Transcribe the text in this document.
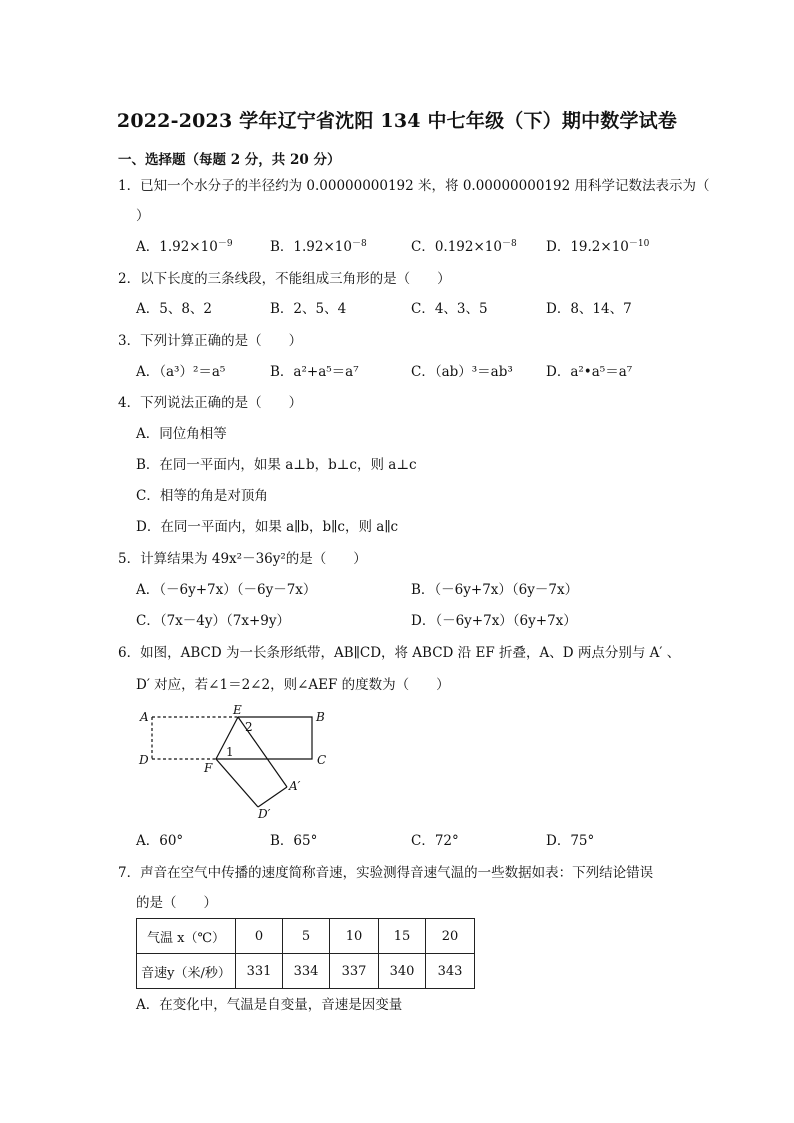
2022-2023 学年辽宁省沈阳 134 中七年级（下）期中数学试卷
一、选择题（每题 2 分，共 20 分）
1．已知一个水分子的半径约为 0.00000000192 米，将 0.00000000192 用科学记数法表示为（
）
A．$1.92\times 10^{-9}$	B．$1.92\times 10^{-8}$	C．$0.192\times 10^{-8}$ D．$19.2\times 10^{-10}$
2．以下长度的三条线段，不能组成三角形的是（　　）
A．5、8、2	B．2、5、4	C．4、3、5	D．8、14、7
3．下列计算正确的是（　　）
A．（a³）²＝a⁵	B．a²+a⁵＝a⁷	C．（ab）³＝ab³ D．a²•a⁵＝a⁷
4．下列说法正确的是（　　）
A．同位角相等
B．在同一平面内，如果 a⊥b，b⊥c，则 a⊥c
C．相等的角是对顶角
D．在同一平面内，如果 a∥b，b∥c，则 a∥c
5．计算结果为 49x²－36y²的是（　　）
A．（－6y+7x）（－6y－7x）	B．（－6y+7x）（6y－7x）
C．（7x－4y）（7x+9y）	D．（－6y+7x）（6y+7x）
6．如图，ABCD 为一长条形纸带，AB∥CD，将 ABCD 沿 EF 折叠，A、D 两点分别与 A′ 、
D′ 对应，若∠1＝2∠2，则∠AEF 的度数为（　　）
A	E
2
B
1
D
F
C
A′
D′
A．60°	B．65°	C．72°	D．75°
7．声音在空气中传播的速度简称音速，实验测得音速气温的一些数据如表：下列结论错误
的是（　　）
气温 x（℃）	0	5	10	15	20
音速y（米/秒）	331	334	337	340	343
A．在变化中，气温是自变量，音速是因变量
